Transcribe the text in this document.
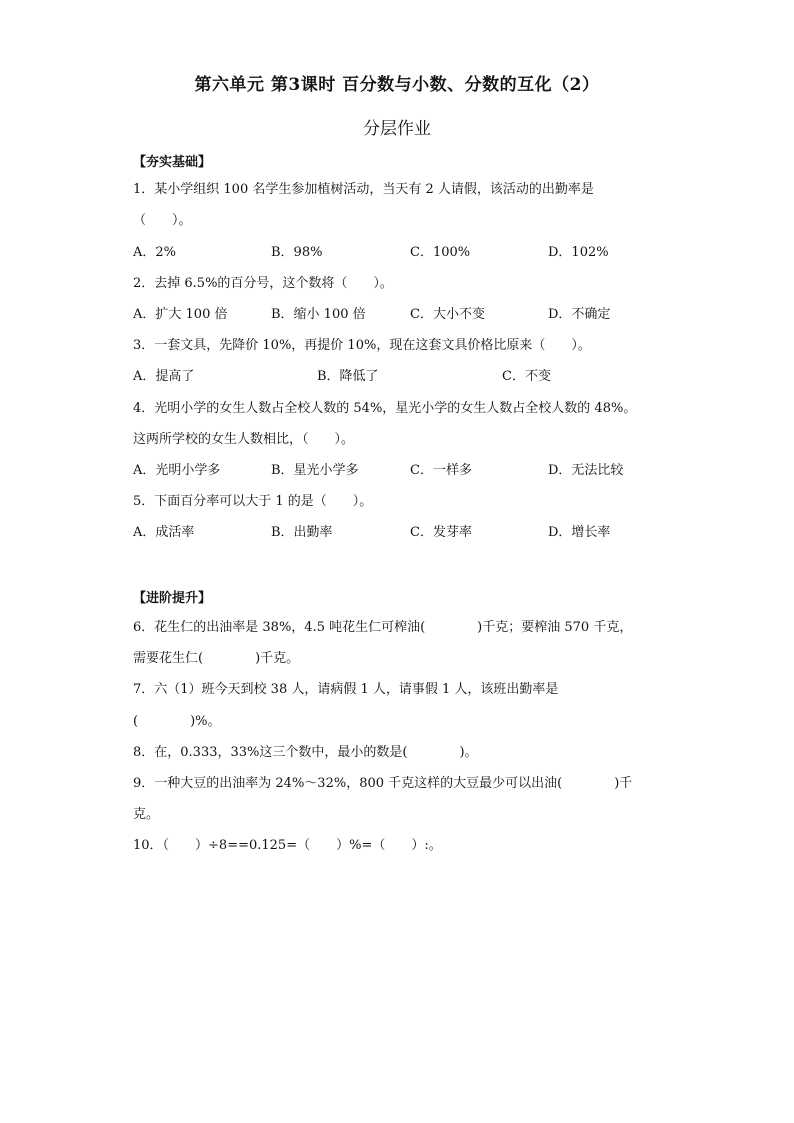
第六单元 第3课时 百分数与小数、分数的互化（2）
分层作业
【夯实基础】
1．某小学组织 100 名学生参加植树活动，当天有 2 人请假，该活动的出勤率是
（　　）。
A．2%	B．98%	C．100%	D．102%
2．去掉 6.5%的百分号，这个数将（　　）。
A．扩大 100 倍	B．缩小 100 倍	C．大小不变	D．不确定
3．一套文具，先降价 10%，再提价 10%，现在这套文具价格比原来（　　）。
A．提高了	B．降低了	C．不变
4．光明小学的女生人数占全校人数的 54%，星光小学的女生人数占全校人数的 48%。
这两所学校的女生人数相比，（　　）。
A．光明小学多	B．星光小学多	C．一样多	D．无法比较
5．下面百分率可以大于 1 的是（　　）。
A．成活率	B．出勤率	C．发芽率	D．增长率
【进阶提升】
6．花生仁的出油率是 38%，4.5 吨花生仁可榨油(　　　　)千克；要榨油 570 千克，
需要花生仁(　　　　)千克。
7．六（1）班今天到校 38 人，请病假 1 人，请事假 1 人，该班出勤率是
(　　　　)%。
8．在，0.333，33%这三个数中，最小的数是(　　　　)。
9．一种大豆的出油率为 24%～32%，800 千克这样的大豆最少可以出油(　　　　)千
克。
10．（　　）÷8==0.125=（　　）%=（　　）:。
